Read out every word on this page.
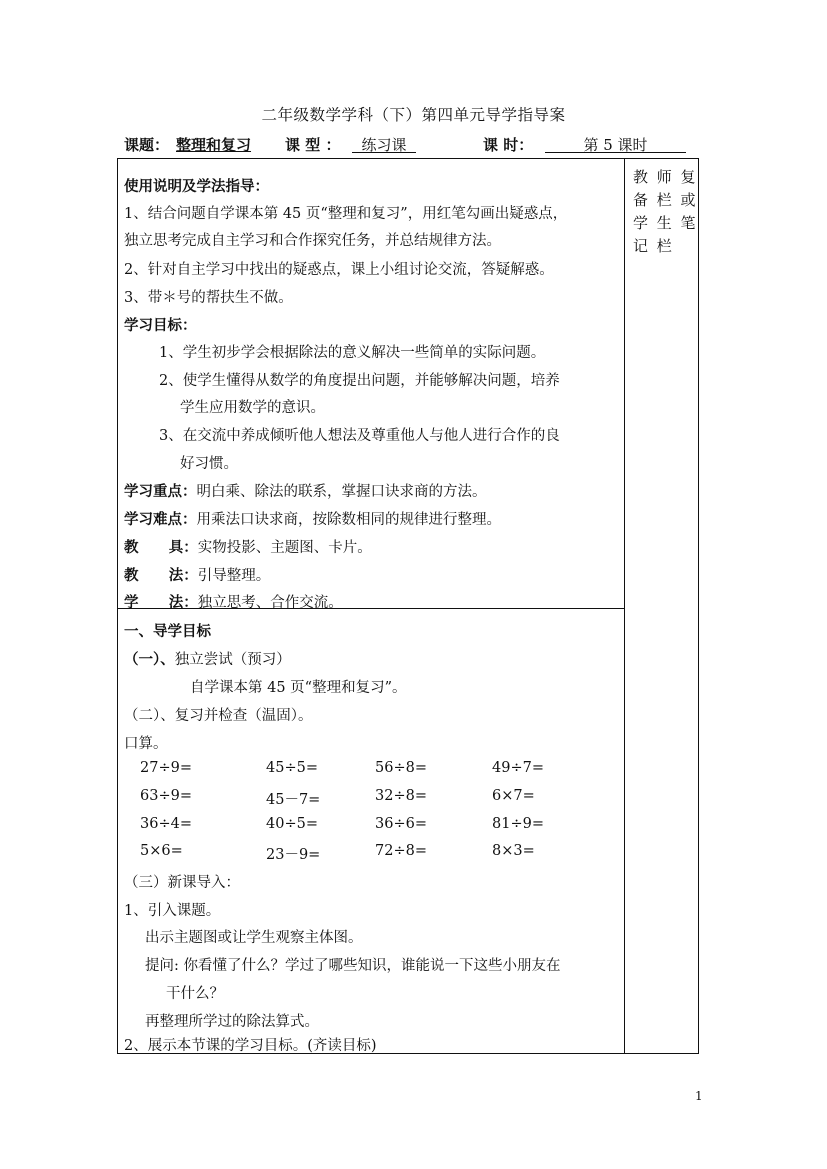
二年级数学学科（下）第四单元导学指导案
课题： 整理和复习 课 型 ：	练习课	课 时：	第 5 课时
教 师 复
备 栏 或
学 生 笔
记 栏
使用说明及学法指导：
1、结合问题自学课本第 45 页“整理和复习”，用红笔勾画出疑惑点，
独立思考完成自主学习和合作探究任务，并总结规律方法。
2、针对自主学习中找出的疑惑点，课上小组讨论交流，答疑解惑。
3、带＊号的帮扶生不做。
学习目标：
1、学生初步学会根据除法的意义解决一些简单的实际问题。
2、使学生懂得从数学的角度提出问题，并能够解决问题，培养
学生应用数学的意识。
3、在交流中养成倾听他人想法及尊重他人与他人进行合作的良
好习惯。
学习重点：明白乘、除法的联系，掌握口诀求商的方法。
学习难点：用乘法口诀求商，按除数相同的规律进行整理。
教      具：实物投影、主题图、卡片。
教      法：引导整理。
学      法：独立思考、合作交流。
一、导学目标
（一）、独立尝试（预习）
自学课本第 45 页“整理和复习”。
（二）、复习并检查（温固）。
口算。
27÷9=	45÷5=	56÷8=	49÷7=
63÷9=	45－7=	32÷8=	6×7=
36÷4=	40÷5=	36÷6=	81÷9=
5×6=	23－9=	72÷8=	8×3=
（三）新课导入：
1、引入课题。
出示主题图或让学生观察主体图。
提问: 你看懂了什么？学过了哪些知识，谁能说一下这些小朋友在
干什么？
再整理所学过的除法算式。
2、展示本节课的学习目标。(齐读目标)
1
